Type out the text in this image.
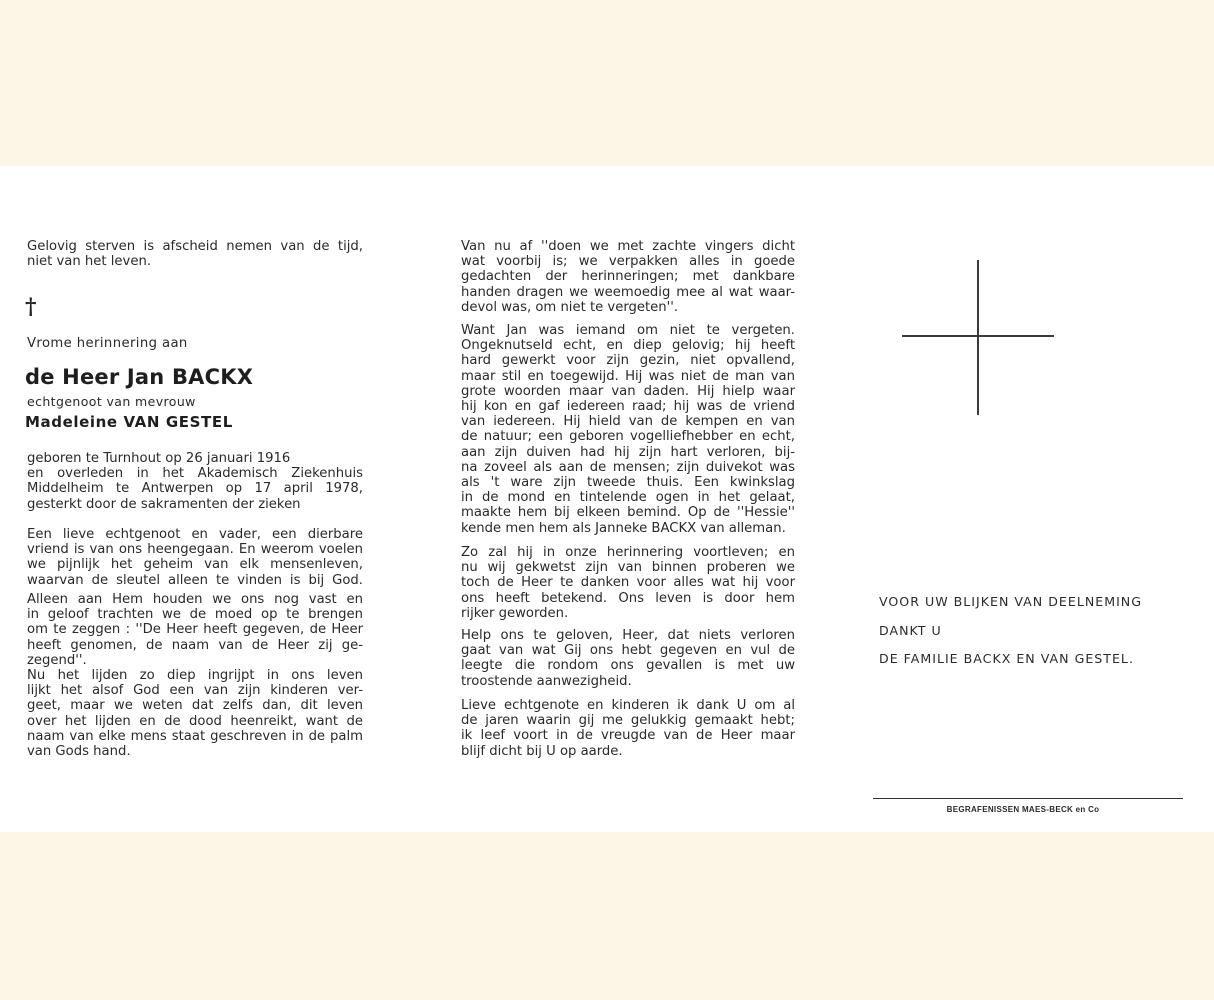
Gelovig sterven is afscheid nemen van de tijd,
niet van het leven.
†
Vrome herinnering aan
de Heer Jan BACKX
echtgenoot van mevrouw
Madeleine VAN GESTEL
geboren te Turnhout op 26 januari 1916
en overleden in het Akademisch Ziekenhuis
Middelheim te Antwerpen op 17 april 1978,
gesterkt door de sakramenten der zieken
Een lieve echtgenoot en vader, een dierbare
vriend is van ons heengegaan. En weerom voelen
we pijnlijk het geheim van elk mensenleven,
waarvan de sleutel alleen te vinden is bij God.
Alleen aan Hem houden we ons nog vast en
in geloof trachten we de moed op te brengen
om te zeggen : ''De Heer heeft gegeven, de Heer
heeft genomen, de naam van de Heer zij ge-
zegend''.
Nu het lijden zo diep ingrijpt in ons leven
lijkt het alsof God een van zijn kinderen ver-
geet, maar we weten dat zelfs dan, dit leven
over het lijden en de dood heenreikt, want de
naam van elke mens staat geschreven in de palm
van Gods hand.
Van nu af ''doen we met zachte vingers dicht
wat voorbij is; we verpakken alles in goede
gedachten der herinneringen; met dankbare
handen dragen we weemoedig mee al wat waar-
devol was, om niet te vergeten''.
Want Jan was iemand om niet te vergeten.
Ongeknutseld echt, en diep gelovig; hij heeft
hard gewerkt voor zijn gezin, niet opvallend,
maar stil en toegewijd. Hij was niet de man van
grote woorden maar van daden. Hij hielp waar
hij kon en gaf iedereen raad; hij was de vriend
van iedereen. Hij hield van de kempen en van
de natuur; een geboren vogelliefhebber en echt,
aan zijn duiven had hij zijn hart verloren, bij-
na zoveel als aan de mensen; zijn duivekot was
als 't ware zijn tweede thuis. Een kwinkslag
in de mond en tintelende ogen in het gelaat,
maakte hem bij elkeen bemind. Op de ''Hessie''
kende men hem als Janneke BACKX van alleman.
Zo zal hij in onze herinnering voortleven; en
nu wij gekwetst zijn van binnen proberen we
toch de Heer te danken voor alles wat hij voor
ons heeft betekend. Ons leven is door hem
rijker geworden.
Help ons te geloven, Heer, dat niets verloren
gaat van wat Gij ons hebt gegeven en vul de
leegte die rondom ons gevallen is met uw
troostende aanwezigheid.
Lieve echtgenote en kinderen ik dank U om al
de jaren waarin gij me gelukkig gemaakt hebt;
ik leef voort in de vreugde van de Heer maar
blijf dicht bij U op aarde.
VOOR UW BLIJKEN VAN DEELNEMING
DANKT U
DE FAMILIE BACKX EN VAN GESTEL.
BEGRAFENISSEN MAES-BECK en Co
